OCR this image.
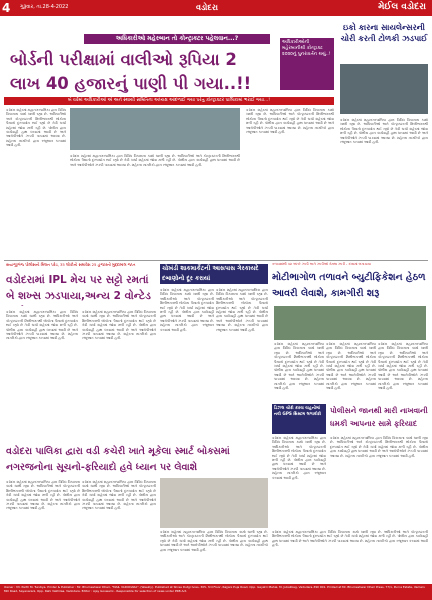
4 ગુરૂવાર, તા.28-4-2022	વડોદરા	મેઈલ વડોદરા
અધિકારીઓ મહેરબાન તો કોન્ટ્રાક્ટર પહેલવાન...?
બોર્ડની પરીક્ષામાં વાલીઓ રૂપિયા 2
લાખ 40 હજારનું પાણી પી ગયા..!!
અધિકારીઓની મહેરબાનીથી કોન્ટ્રાક્ટ ૨૦૨૦નું પુનરાવર્તન થયું..!
બે વર્ષમાં અધિકારીઓ એ અને સ્થાયી સમિતિના અધ્યક્ષ આંદળાઈ ગયા પરંતુ કોન્ટ્રાક્ટર પાલિકામાં ભરાઈ ગયા...!
ઇકો કારના સાયલેન્સરની ચોરી કરતી ટોળકી ઝડપાઈ
વડોદરા શહેરમાં મહાનગરપાલિકા દ્વારા વિવિધ વિકાસના કામો ચાલી રહ્યા છે. અધિકારીઓ અને કોન્ટ્રાક્ટરની મિલીભગતથી લોકોના પૈસાનો દુરુપયોગ થઈ રહ્યો છે તેવી ચર્ચા શહેરમાં જોવા મળી રહી છે. પોલીસ દ્વારા કાર્યવાહી હાથ ધરવામાં આવી છે અને આરોપીઓને ઝડપી પાડવામાં આવ્યા છે. શહેરના નાગરિકો દ્વારા રજૂઆત કરવામાં આવી હતી.
વડોદરા શહેરમાં મહાનગરપાલિકા દ્વારા વિવિધ વિકાસના કામો ચાલી રહ્યા છે. અધિકારીઓ અને કોન્ટ્રાક્ટરની મિલીભગતથી લોકોના પૈસાનો દુરુપયોગ થઈ રહ્યો છે તેવી ચર્ચા શહેરમાં જોવા મળી રહી છે. પોલીસ દ્વારા કાર્યવાહી હાથ ધરવામાં આવી છે અને આરોપીઓને ઝડપી પાડવામાં આવ્યા છે. શહેરના નાગરિકો દ્વારા રજૂઆત કરવામાં આવી હતી.
વડોદરા શહેરમાં મહાનગરપાલિકા દ્વારા વિવિધ વિકાસના કામો ચાલી રહ્યા છે. અધિકારીઓ અને કોન્ટ્રાક્ટરની મિલીભગતથી લોકોના પૈસાનો દુરુપયોગ થઈ રહ્યો છે તેવી ચર્ચા શહેરમાં જોવા મળી રહી છે. પોલીસ દ્વારા કાર્યવાહી હાથ ધરવામાં આવી છે અને આરોપીઓને ઝડપી પાડવામાં આવ્યા છે. શહેરના નાગરિકો દ્વારા રજૂઆત કરવામાં આવી હતી.
વડોદરા શહેરમાં મહાનગરપાલિકા દ્વારા વિવિધ વિકાસના કામો ચાલી રહ્યા છે. અધિકારીઓ અને કોન્ટ્રાક્ટરની મિલીભગતથી લોકોના પૈસાનો દુરુપયોગ થઈ રહ્યો છે તેવી ચર્ચા શહેરમાં જોવા મળી રહી છે. પોલીસ દ્વારા કાર્યવાહી હાથ ધરવામાં આવી છે અને આરોપીઓને ઝડપી પાડવામાં આવ્યા છે. શહેરના નાગરિકો દ્વારા રજૂઆત કરવામાં આવી હતી.
સયાજીગંજ પોલીસનો મિલન પરેડ, 35 લોકોનો સમાવેશ 25 હજારનો મુદ્દામાલ જપ્ત
વડોદરામાં IPL મેચ પર સટ્ટો રમતાં બે શખ્સ ઝડપાયા,અન્ય 2 વોન્ટેડ
વડોદરા શહેરમાં મહાનગરપાલિકા દ્વારા વિવિધ વિકાસના કામો ચાલી રહ્યા છે. અધિકારીઓ અને કોન્ટ્રાક્ટરની મિલીભગતથી લોકોના પૈસાનો દુરુપયોગ થઈ રહ્યો છે તેવી ચર્ચા શહેરમાં જોવા મળી રહી છે. પોલીસ દ્વારા કાર્યવાહી હાથ ધરવામાં આવી છે અને આરોપીઓને ઝડપી પાડવામાં આવ્યા છે. શહેરના નાગરિકો દ્વારા રજૂઆત કરવામાં આવી હતી.
વડોદરા શહેરમાં મહાનગરપાલિકા દ્વારા વિવિધ વિકાસના કામો ચાલી રહ્યા છે. અધિકારીઓ અને કોન્ટ્રાક્ટરની મિલીભગતથી લોકોના પૈસાનો દુરુપયોગ થઈ રહ્યો છે તેવી ચર્ચા શહેરમાં જોવા મળી રહી છે. પોલીસ દ્વારા કાર્યવાહી હાથ ધરવામાં આવી છે અને આરોપીઓને ઝડપી પાડવામાં આવ્યા છે. શહેરના નાગરિકો દ્વારા રજૂઆત કરવામાં આવી હતી.
ચોખંડી શાકમાર્કેટની આસપાસ ગેરકાયદે દબાણોનો દૂર કરાયાં
વડોદરા શહેરમાં મહાનગરપાલિકા દ્વારા વિવિધ વિકાસના કામો ચાલી રહ્યા છે. અધિકારીઓ અને કોન્ટ્રાક્ટરની મિલીભગતથી લોકોના પૈસાનો દુરુપયોગ થઈ રહ્યો છે તેવી ચર્ચા શહેરમાં જોવા મળી રહી છે. પોલીસ દ્વારા કાર્યવાહી હાથ ધરવામાં આવી છે અને આરોપીઓને ઝડપી પાડવામાં આવ્યા છે. શહેરના નાગરિકો દ્વારા રજૂઆત કરવામાં આવી હતી.
વડોદરા શહેરમાં મહાનગરપાલિકા દ્વારા વિવિધ વિકાસના કામો ચાલી રહ્યા છે. અધિકારીઓ અને કોન્ટ્રાક્ટરની મિલીભગતથી લોકોના પૈસાનો દુરુપયોગ થઈ રહ્યો છે તેવી ચર્ચા શહેરમાં જોવા મળી રહી છે. પોલીસ દ્વારા કાર્યવાહી હાથ ધરવામાં આવી છે અને આરોપીઓને ઝડપી પાડવામાં આવ્યા છે. શહેરના નાગરિકો દ્વારા રજૂઆત કરવામાં આવી હતી.
તળાવમાંથી ૫૨ અંતરે ઝાડી અને ઝાડીઓ તેમજ ઝાડી - કાંસમાં લગાડાયા
મોટીભાગોળ તળાવને બ્યુટીફિકેશન હેઠળ આવરી લેવાશે, કામગીરી શરૂ
વડોદરા શહેરમાં મહાનગરપાલિકા દ્વારા વિવિધ વિકાસના કામો ચાલી રહ્યા છે. અધિકારીઓ અને કોન્ટ્રાક્ટરની મિલીભગતથી લોકોના પૈસાનો દુરુપયોગ થઈ રહ્યો છે તેવી ચર્ચા શહેરમાં જોવા મળી રહી છે. પોલીસ દ્વારા કાર્યવાહી હાથ ધરવામાં આવી છે અને આરોપીઓને ઝડપી પાડવામાં આવ્યા છે. શહેરના નાગરિકો દ્વારા રજૂઆત કરવામાં આવી હતી.
વડોદરા શહેરમાં મહાનગરપાલિકા દ્વારા વિવિધ વિકાસના કામો ચાલી રહ્યા છે. અધિકારીઓ અને કોન્ટ્રાક્ટરની મિલીભગતથી લોકોના પૈસાનો દુરુપયોગ થઈ રહ્યો છે તેવી ચર્ચા શહેરમાં જોવા મળી રહી છે. પોલીસ દ્વારા કાર્યવાહી હાથ ધરવામાં આવી છે અને આરોપીઓને ઝડપી પાડવામાં આવ્યા છે. શહેરના નાગરિકો દ્વારા રજૂઆત કરવામાં આવી હતી.
વડોદરા શહેરમાં મહાનગરપાલિકા દ્વારા વિવિધ વિકાસના કામો ચાલી રહ્યા છે. અધિકારીઓ અને કોન્ટ્રાક્ટરની મિલીભગતથી લોકોના પૈસાનો દુરુપયોગ થઈ રહ્યો છે તેવી ચર્ચા શહેરમાં જોવા મળી રહી છે. પોલીસ દ્વારા કાર્યવાહી હાથ ધરવામાં આવી છે અને આરોપીઓને ઝડપી પાડવામાં આવ્યા છે. શહેરના નાગરિકો દ્વારા રજૂઆત કરવામાં આવી હતી.
ડિઝલ ચોરી કરવા વાહનોમાં નવી GPS સિસ્ટમ લગાવીરી
વડોદરા શહેરમાં મહાનગરપાલિકા દ્વારા વિવિધ વિકાસના કામો ચાલી રહ્યા છે. અધિકારીઓ અને કોન્ટ્રાક્ટરની મિલીભગતથી લોકોના પૈસાનો દુરુપયોગ થઈ રહ્યો છે તેવી ચર્ચા શહેરમાં જોવા મળી રહી છે. પોલીસ દ્વારા કાર્યવાહી હાથ ધરવામાં આવી છે અને આરોપીઓને ઝડપી પાડવામાં આવ્યા છે. શહેરના નાગરિકો દ્વારા રજૂઆત કરવામાં આવી હતી.
પોલીસને જાનથી મારી નાખવાની ધમકી આપનાર સામે ફરિયાદ
વડોદરા શહેરમાં મહાનગરપાલિકા દ્વારા વિવિધ વિકાસના કામો ચાલી રહ્યા છે. અધિકારીઓ અને કોન્ટ્રાક્ટરની મિલીભગતથી લોકોના પૈસાનો દુરુપયોગ થઈ રહ્યો છે તેવી ચર્ચા શહેરમાં જોવા મળી રહી છે. પોલીસ દ્વારા કાર્યવાહી હાથ ધરવામાં આવી છે અને આરોપીઓને ઝડપી પાડવામાં આવ્યા છે. શહેરના નાગરિકો દ્વારા રજૂઆત કરવામાં આવી હતી.
વડોદરા પાલિકા દ્વારા વડી કચેરી ખાતે મૂકેલા સ્માર્ટ બોક્સમાં નગરજનોના સૂચનો-ફરિયાદો હવે ધ્યાન પર લેવાશે
વડોદરા શહેરમાં મહાનગરપાલિકા દ્વારા વિવિધ વિકાસના કામો ચાલી રહ્યા છે. અધિકારીઓ અને કોન્ટ્રાક્ટરની મિલીભગતથી લોકોના પૈસાનો દુરુપયોગ થઈ રહ્યો છે તેવી ચર્ચા શહેરમાં જોવા મળી રહી છે. પોલીસ દ્વારા કાર્યવાહી હાથ ધરવામાં આવી છે અને આરોપીઓને ઝડપી પાડવામાં આવ્યા છે. શહેરના નાગરિકો દ્વારા રજૂઆત કરવામાં આવી હતી.
વડોદરા શહેરમાં મહાનગરપાલિકા દ્વારા વિવિધ વિકાસના કામો ચાલી રહ્યા છે. અધિકારીઓ અને કોન્ટ્રાક્ટરની મિલીભગતથી લોકોના પૈસાનો દુરુપયોગ થઈ રહ્યો છે તેવી ચર્ચા શહેરમાં જોવા મળી રહી છે. પોલીસ દ્વારા કાર્યવાહી હાથ ધરવામાં આવી છે અને આરોપીઓને ઝડપી પાડવામાં આવ્યા છે. શહેરના નાગરિકો દ્વારા રજૂઆત કરવામાં આવી હતી.
વડોદરા શહેરમાં મહાનગરપાલિકા દ્વારા વિવિધ વિકાસના કામો ચાલી રહ્યા છે. અધિકારીઓ અને કોન્ટ્રાક્ટરની મિલીભગતથી લોકોના પૈસાનો દુરુપયોગ થઈ રહ્યો છે તેવી ચર્ચા શહેરમાં જોવા મળી રહી છે. પોલીસ દ્વારા કાર્યવાહી હાથ ધરવામાં આવી છે અને આરોપીઓને ઝડપી પાડવામાં આવ્યા છે. શહેરના નાગરિકો દ્વારા રજૂઆત કરવામાં આવી હતી.
વડોદરા શહેરમાં મહાનગરપાલિકા દ્વારા વિવિધ વિકાસના કામો ચાલી રહ્યા છે. અધિકારીઓ અને કોન્ટ્રાક્ટરની મિલીભગતથી લોકોના પૈસાનો દુરુપયોગ થઈ રહ્યો છે તેવી ચર્ચા શહેરમાં જોવા મળી રહી છે. પોલીસ દ્વારા કાર્યવાહી હાથ ધરવામાં આવી છે અને આરોપીઓને ઝડપી પાડવામાં આવ્યા છે. શહેરના નાગરિકો દ્વારા રજૂઆત કરવામાં આવી હતી.
Owner : Mr. Parth M. Tundiya. Printer & Publisher : Mr. Bhumeshwar Dhari, "MAIL VADODARA", (Weekly). Published at Shree Dutgi Ivres, 305, 3rd Floor, Rajjani Puja Road, Opp. Gayatri Mahal, M. Jubalibag, Vadodara-390 001. Printed at Mr. Bhumeshwar Dhari Press, 77/1, Purna Estate, Vamaru Mill Road, Sayanaranl, Opp. Rahi Vakhilaa, Vadodara. Editor : Ajay Goswami - Responsible for selection of news under PRB Act.
